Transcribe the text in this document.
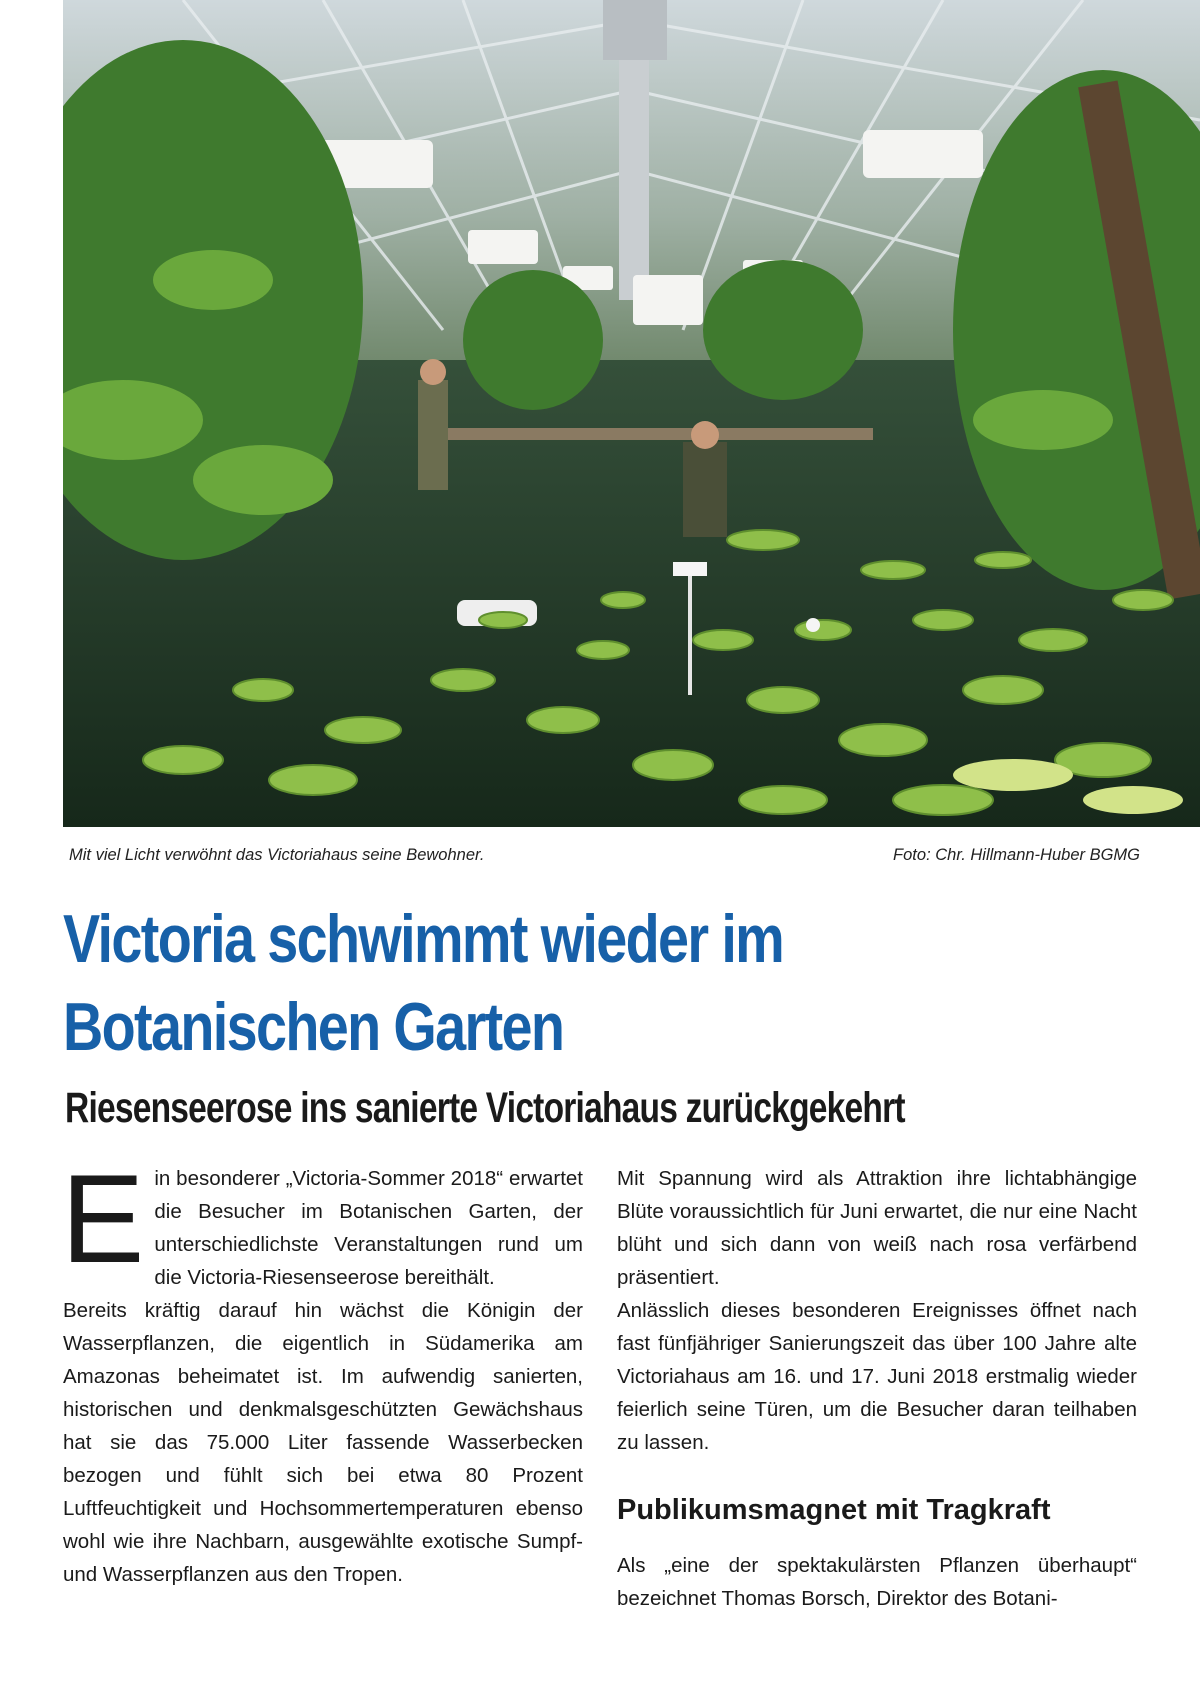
Mit viel Licht verwöhnt das Victoriahaus seine Bewohner.	Foto: Chr. Hillmann-Huber BGMG
Victoria schwimmt wieder im
Botanischen Garten
Riesenseerose ins sanierte Victoriahaus zurückgekehrt

Ein besonderer „Victoria-Sommer 2018“ erwartet die Besucher im Botanischen Garten, der unterschiedlichste Veranstaltungen rund um die Victoria-Riesenseerose bereithält.

Bereits kräftig darauf hin wächst die Königin der Wasserpflanzen, die eigentlich in Südamerika am Amazonas beheimatet ist. Im aufwendig sanierten, historischen und denkmalsgeschützten Gewächshaus hat sie das 75.000 Liter fassende Wasserbecken bezogen und fühlt sich bei etwa 80 Prozent Luftfeuchtigkeit und Hochsommertemperaturen ebenso wohl wie ihre Nachbarn, ausgewählte exotische Sumpf- und Wasserpflanzen aus den Tropen.

Mit Spannung wird als Attraktion ihre lichtabhängige Blüte voraussichtlich für Juni erwartet, die nur eine Nacht blüht und sich dann von weiß nach rosa verfärbend präsentiert.

Anlässlich dieses besonderen Ereignisses öffnet nach fast fünfjähriger Sanierungszeit das über 100 Jahre alte Victoriahaus am 16. und 17. Juni 2018 erstmalig wieder feierlich seine Türen, um die Besucher daran teilhaben zu lassen.

Publikumsmagnet mit Tragkraft

Als „eine der spektakulärsten Pflanzen überhaupt“ bezeichnet Thomas Borsch, Direktor des Botani-
